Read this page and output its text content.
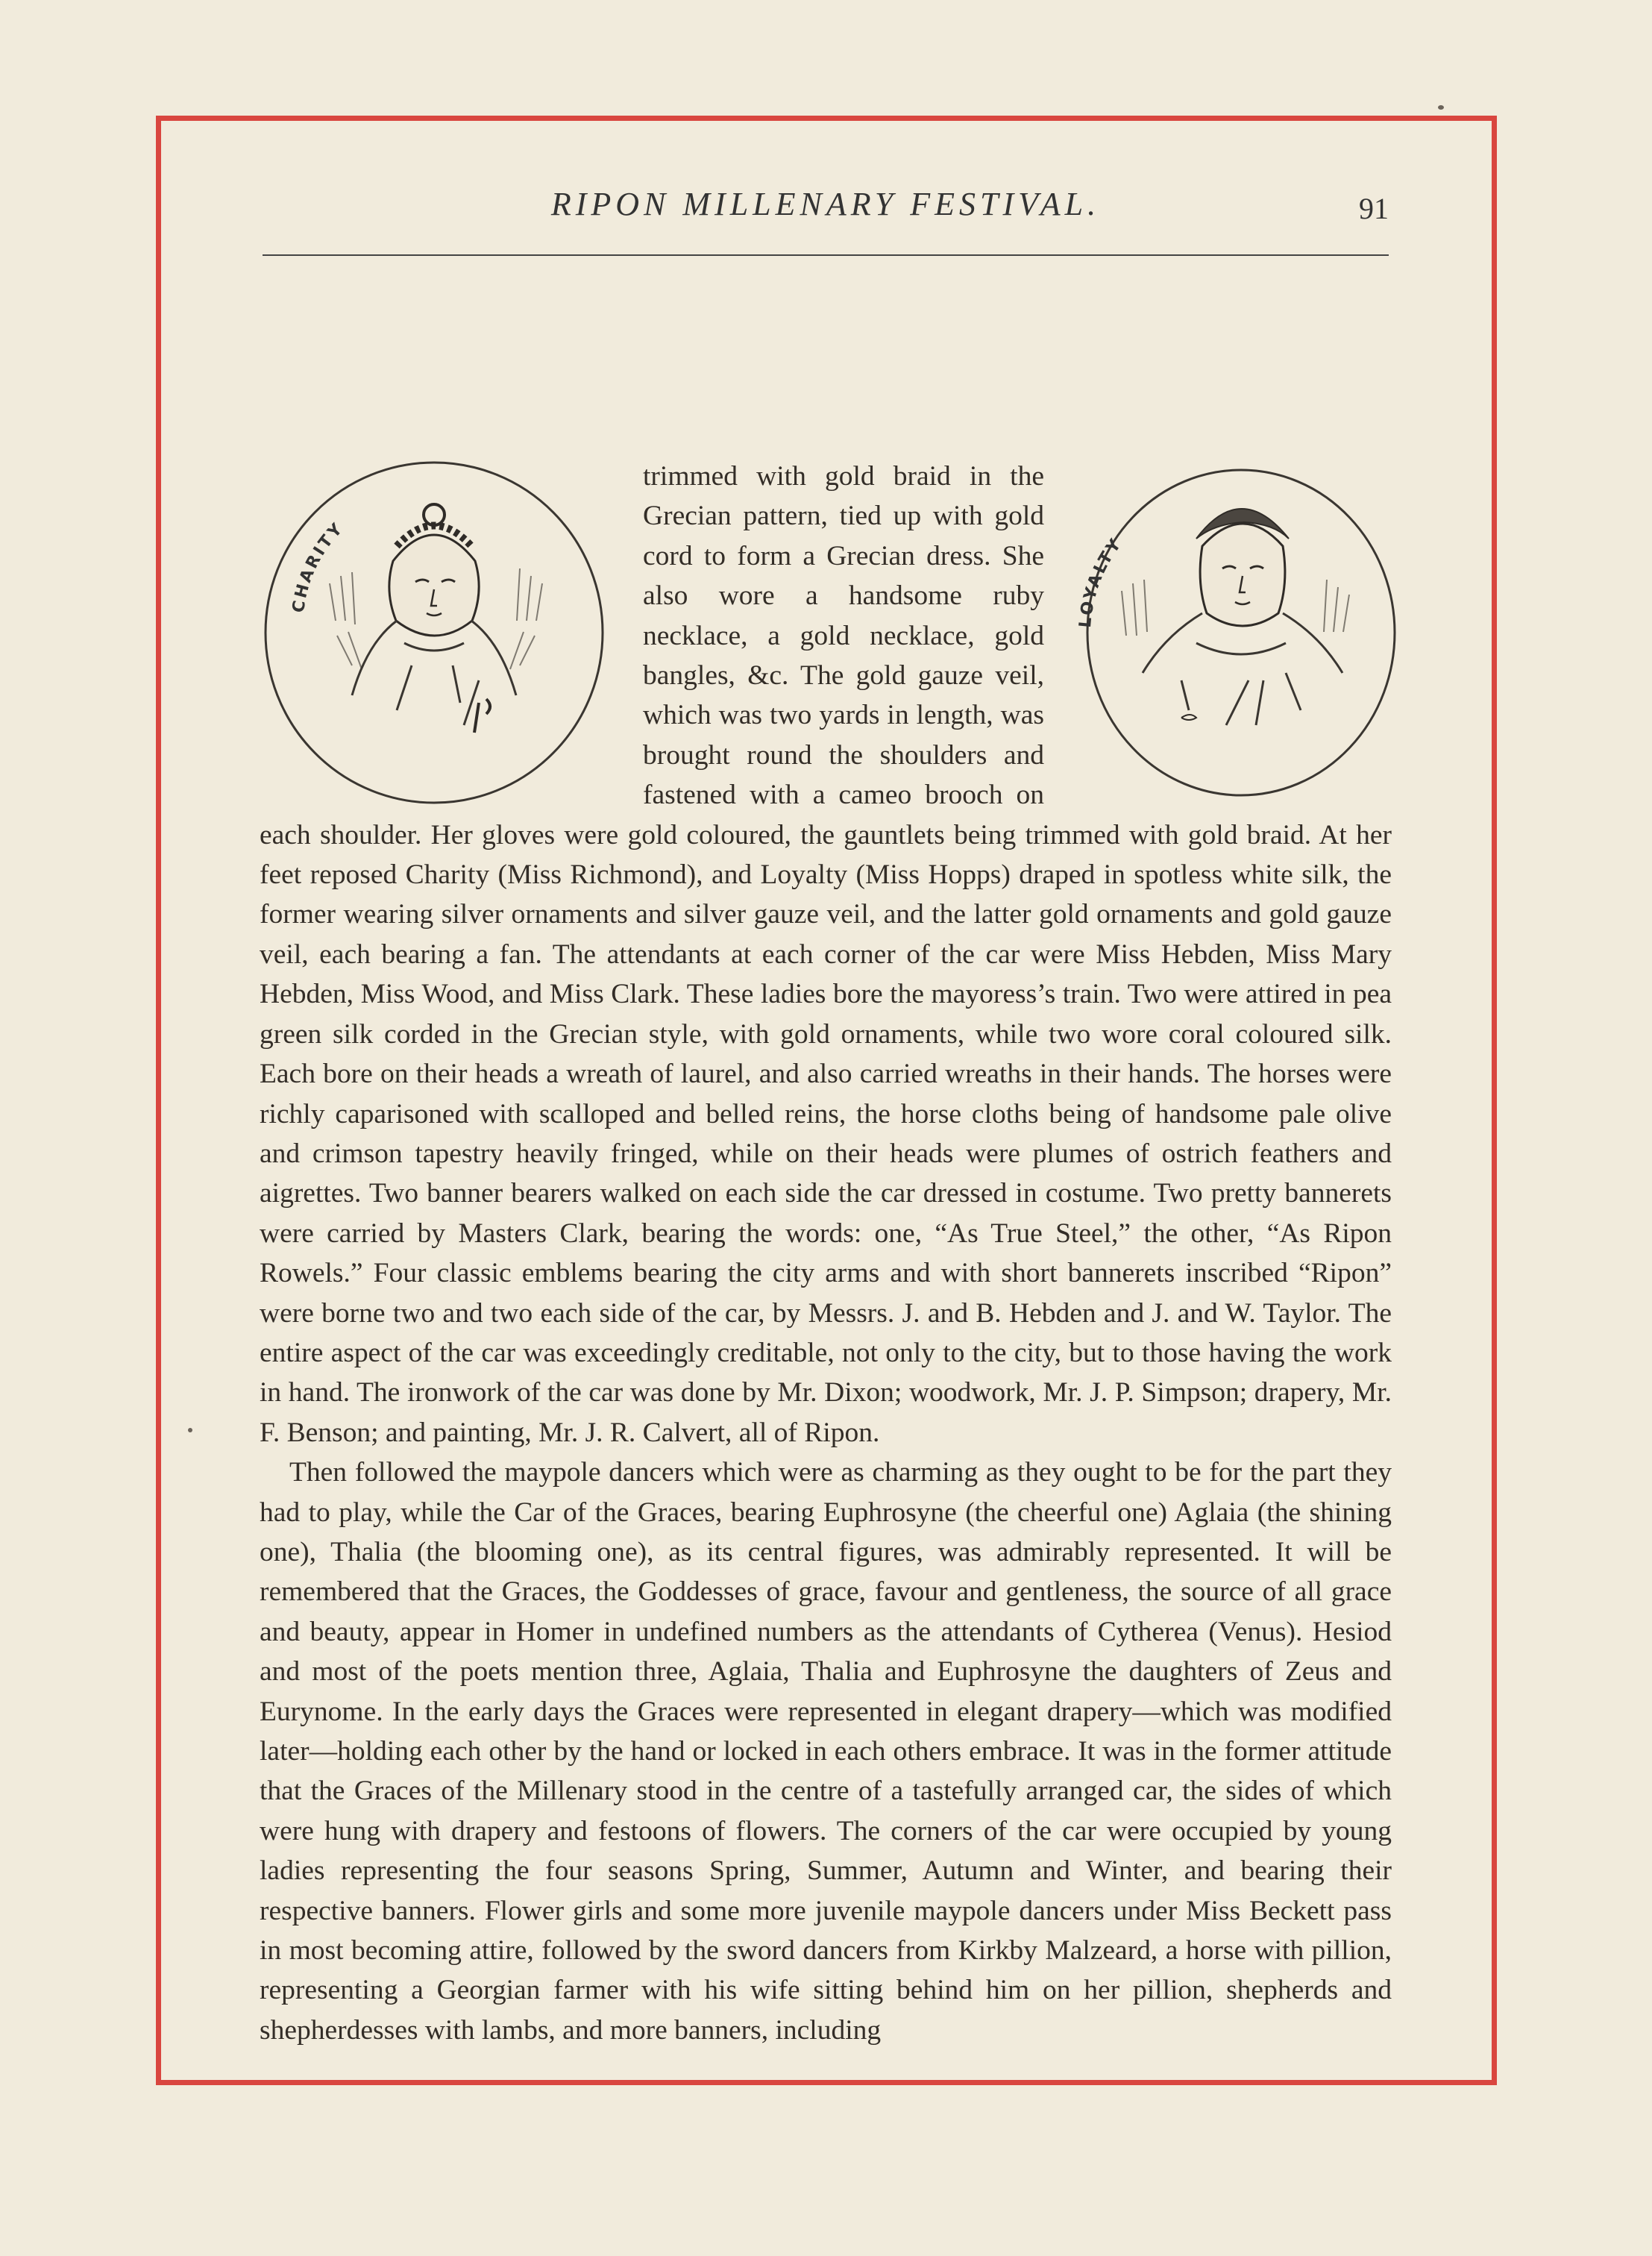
RIPON MILLENARY FESTIVAL.	91
CHARITY
LOYALTY

trimmed with gold braid in the Grecian pattern, tied up with gold cord to form a Grecian dress. She also wore a handsome ruby necklace, a gold necklace, gold bangles, &c. The gold gauze veil, which was two yards in length, was brought round the shoulders and fastened with a cameo brooch on each shoulder. Her gloves were gold coloured, the gauntlets being trimmed with gold braid. At her feet reposed Charity (Miss Richmond), and Loyalty (Miss Hopps) draped in spotless white silk, the former wearing silver ornaments and silver gauze veil, and the latter gold ornaments and gold gauze veil, each bearing a fan. The attendants at each corner of the car were Miss Hebden, Miss Mary Hebden, Miss Wood, and Miss Clark. These ladies bore the mayoress’s train. Two were attired in pea green silk corded in the Grecian style, with gold ornaments, while two wore coral coloured silk. Each bore on their heads a wreath of laurel, and also carried wreaths in their hands. The horses were richly caparisoned with scalloped and belled reins, the horse cloths being of handsome pale olive and crimson tapestry heavily fringed, while on their heads were plumes of ostrich feathers and aigrettes. Two banner bearers walked on each side the car dressed in costume. Two pretty bannerets were carried by Masters Clark, bearing the words: one, “As True Steel,” the other, “As Ripon Rowels.” Four classic emblems bearing the city arms and with short bannerets inscribed “Ripon” were borne two and two each side of the car, by Messrs. J. and B. Hebden and J. and W. Taylor. The entire aspect of the car was exceedingly creditable, not only to the city, but to those having the work in hand. The ironwork of the car was done by Mr. Dixon; woodwork, Mr. J. P. Simpson; drapery, Mr. F. Benson; and painting, Mr. J. R. Calvert, all of Ripon.

Then followed the maypole dancers which were as charming as they ought to be for the part they had to play, while the Car of the Graces, bearing Euphrosyne (the cheerful one) Aglaia (the shining one), Thalia (the blooming one), as its central figures, was admirably represented. It will be remembered that the Graces, the Goddesses of grace, favour and gentleness, the source of all grace and beauty, appear in Homer in undefined numbers as the attendants of Cytherea (Venus). Hesiod and most of the poets mention three, Aglaia, Thalia and Euphrosyne the daughters of Zeus and Eurynome. In the early days the Graces were represented in elegant drapery—which was modified later—holding each other by the hand or locked in each others embrace. It was in the former attitude that the Graces of the Millenary stood in the centre of a tastefully arranged car, the sides of which were hung with drapery and festoons of flowers. The corners of the car were occupied by young ladies representing the four seasons Spring, Summer, Autumn and Winter, and bearing their respective banners. Flower girls and some more juvenile maypole dancers under Miss Beckett pass in most becoming attire, followed by the sword dancers from Kirkby Malzeard, a horse with pillion, representing a Georgian farmer with his wife sitting behind him on her pillion, shepherds and shepherdesses with lambs, and more banners, including
